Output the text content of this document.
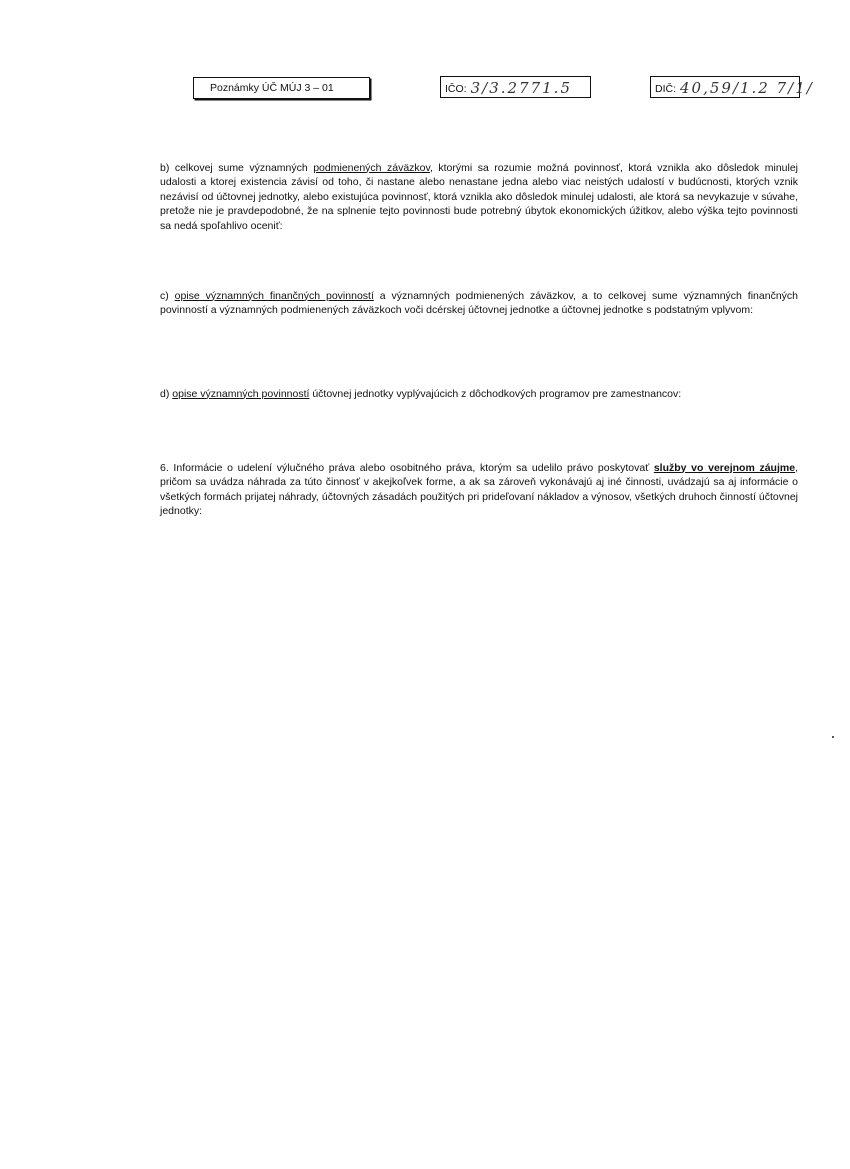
Poznámky ÚČ MÚJ 3 – 01	IČO: 3/3.2771.5	DIČ: 40,59/1.2 7/1/

b) celkovej sume významných podmienených záväzkov, ktorými sa rozumie možná povinnosť, ktorá vznikla ako dôsledok minulej udalosti a ktorej existencia závisí od toho, či nastane alebo nenastane jedna alebo viac neistých udalostí v budúcnosti, ktorých vznik nezávisí od účtovnej jednotky, alebo existujúca povinnosť, ktorá vznikla ako dôsledok minulej udalosti, ale ktorá sa nevykazuje v súvahe, pretože nie je pravdepodobné, že na splnenie tejto povinnosti bude potrebný úbytok ekonomických úžitkov, alebo výška tejto povinnosti sa nedá spoľahlivo oceniť:

c) opise významných finančných povinností a významných podmienených záväzkov, a to celkovej sume významných finančných povinností a významných podmienených záväzkoch voči dcérskej účtovnej jednotke a účtovnej jednotke s podstatným vplyvom:

d) opise významných povinností účtovnej jednotky vyplývajúcich z dôchodkových programov pre zamestnancov:

6. Informácie o udelení výlučného práva alebo osobitného práva, ktorým sa udelilo právo poskytovať služby vo verejnom záujme, pričom sa uvádza náhrada za túto činnosť v akejkoľvek forme, a ak sa zároveň vykonávajú aj iné činnosti, uvádzajú sa aj informácie o všetkých formách prijatej náhrady, účtovných zásadách použitých pri prideľovaní nákladov a výnosov, všetkých druhoch činností účtovnej jednotky:
